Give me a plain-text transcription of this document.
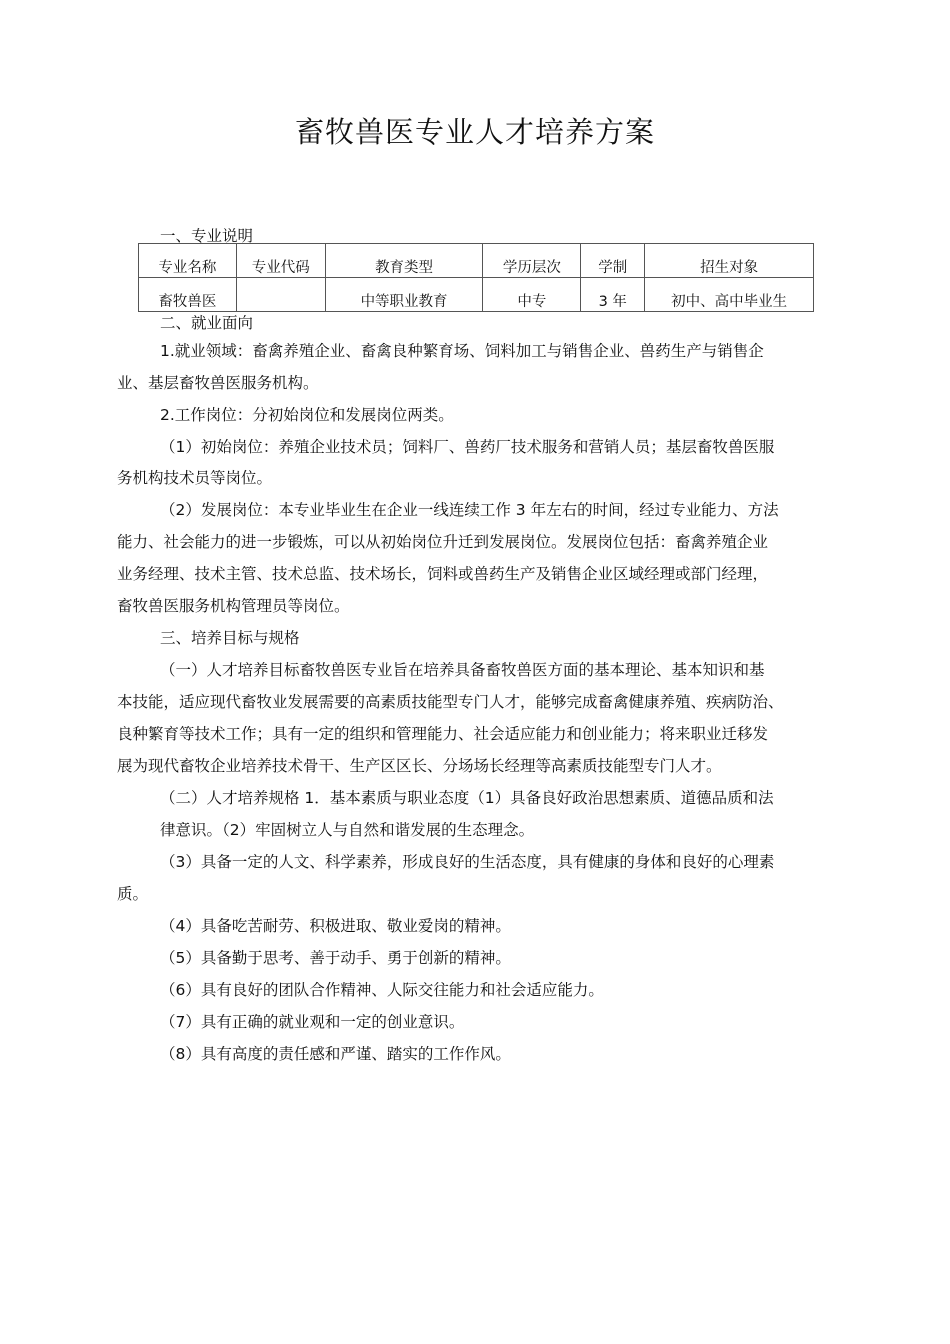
畜牧兽医专业人才培养方案
一、专业说明
专业名称	专业代码	教育类型	学历层次	学制	招生对象
畜牧兽医		中等职业教育	中专	3 年	初中、高中毕业生
二、就业面向
1.就业领域：畜禽养殖企业、畜禽良种繁育场、饲料加工与销售企业、兽药生产与销售企
业、基层畜牧兽医服务机构。
2.工作岗位：分初始岗位和发展岗位两类。
（1）初始岗位：养殖企业技术员；饲料厂、兽药厂技术服务和营销人员；基层畜牧兽医服
务机构技术员等岗位。
（2）发展岗位：本专业毕业生在企业一线连续工作 3 年左右的时间，经过专业能力、方法
能力、社会能力的进一步锻炼，可以从初始岗位升迁到发展岗位。发展岗位包括：畜禽养殖企业
业务经理、技术主管、技术总监、技术场长，饲料或兽药生产及销售企业区域经理或部门经理，
畜牧兽医服务机构管理员等岗位。
三、培养目标与规格
（一）人才培养目标畜牧兽医专业旨在培养具备畜牧兽医方面的基本理论、基本知识和基
本技能，适应现代畜牧业发展需要的高素质技能型专门人才，能够完成畜禽健康养殖、疾病防治、
良种繁育等技术工作；具有一定的组织和管理能力、社会适应能力和创业能力；将来职业迁移发
展为现代畜牧企业培养技术骨干、生产区区长、分场场长经理等高素质技能型专门人才。
（二）人才培养规格 1．基本素质与职业态度（1）具备良好政治思想素质、道德品质和法
律意识。（2）牢固树立人与自然和谐发展的生态理念。
（3）具备一定的人文、科学素养，形成良好的生活态度，具有健康的身体和良好的心理素
质。
（4）具备吃苦耐劳、积极进取、敬业爱岗的精神。
（5）具备勤于思考、善于动手、勇于创新的精神。
（6）具有良好的团队合作精神、人际交往能力和社会适应能力。
（7）具有正确的就业观和一定的创业意识。
（8）具有高度的责任感和严谨、踏实的工作作风。
